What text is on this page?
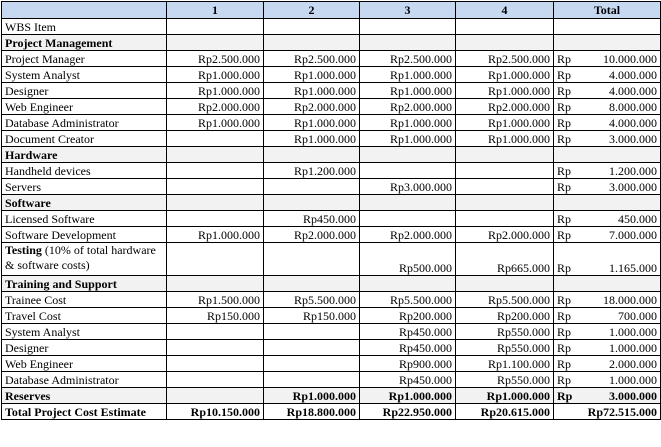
	1	2	3	4	Total	
WBS Item						
Project Management						
Project Manager	Rp2.500.000	Rp2.500.000	Rp2.500.000	Rp2.500.000	Rp	10.000.000
System Analyst	Rp1.000.000	Rp1.000.000	Rp1.000.000	Rp1.000.000	Rp	4.000.000
Designer	Rp1.000.000	Rp1.000.000	Rp1.000.000	Rp1.000.000	Rp	4.000.000
Web Engineer	Rp2.000.000	Rp2.000.000	Rp2.000.000	Rp2.000.000	Rp	8.000.000
Database Administrator	Rp1.000.000	Rp1.000.000	Rp1.000.000	Rp1.000.000	Rp	4.000.000
Document Creator		Rp1.000.000	Rp1.000.000	Rp1.000.000	Rp	3.000.000
Hardware						
Handheld devices		Rp1.200.000			Rp	1.200.000
Servers			Rp3.000.000		Rp	3.000.000
Software						
Licensed Software		Rp450.000			Rp	450.000
Software Development	Rp1.000.000	Rp2.000.000	Rp2.000.000	Rp2.000.000	Rp	7.000.000
Testing (10% of total hardware & software costs)			Rp500.000	Rp665.000	Rp	1.165.000
Training and Support						
Trainee Cost	Rp1.500.000	Rp5.500.000	Rp5.500.000	Rp5.500.000	Rp	18.000.000
Travel Cost	Rp150.000	Rp150.000	Rp200.000	Rp200.000	Rp	700.000
System Analyst			Rp450.000	Rp550.000	Rp	1.000.000
Designer			Rp450.000	Rp550.000	Rp	1.000.000
Web Engineer			Rp900.000	Rp1.100.000	Rp	2.000.000
Database Administrator			Rp450.000	Rp550.000	Rp	1.000.000
Reserves		Rp1.000.000	Rp1.000.000	Rp1.000.000	Rp	3.000.000
Total Project Cost Estimate	Rp10.150.000	Rp18.800.000	Rp22.950.000	Rp20.615.000	Rp72.515.000	
